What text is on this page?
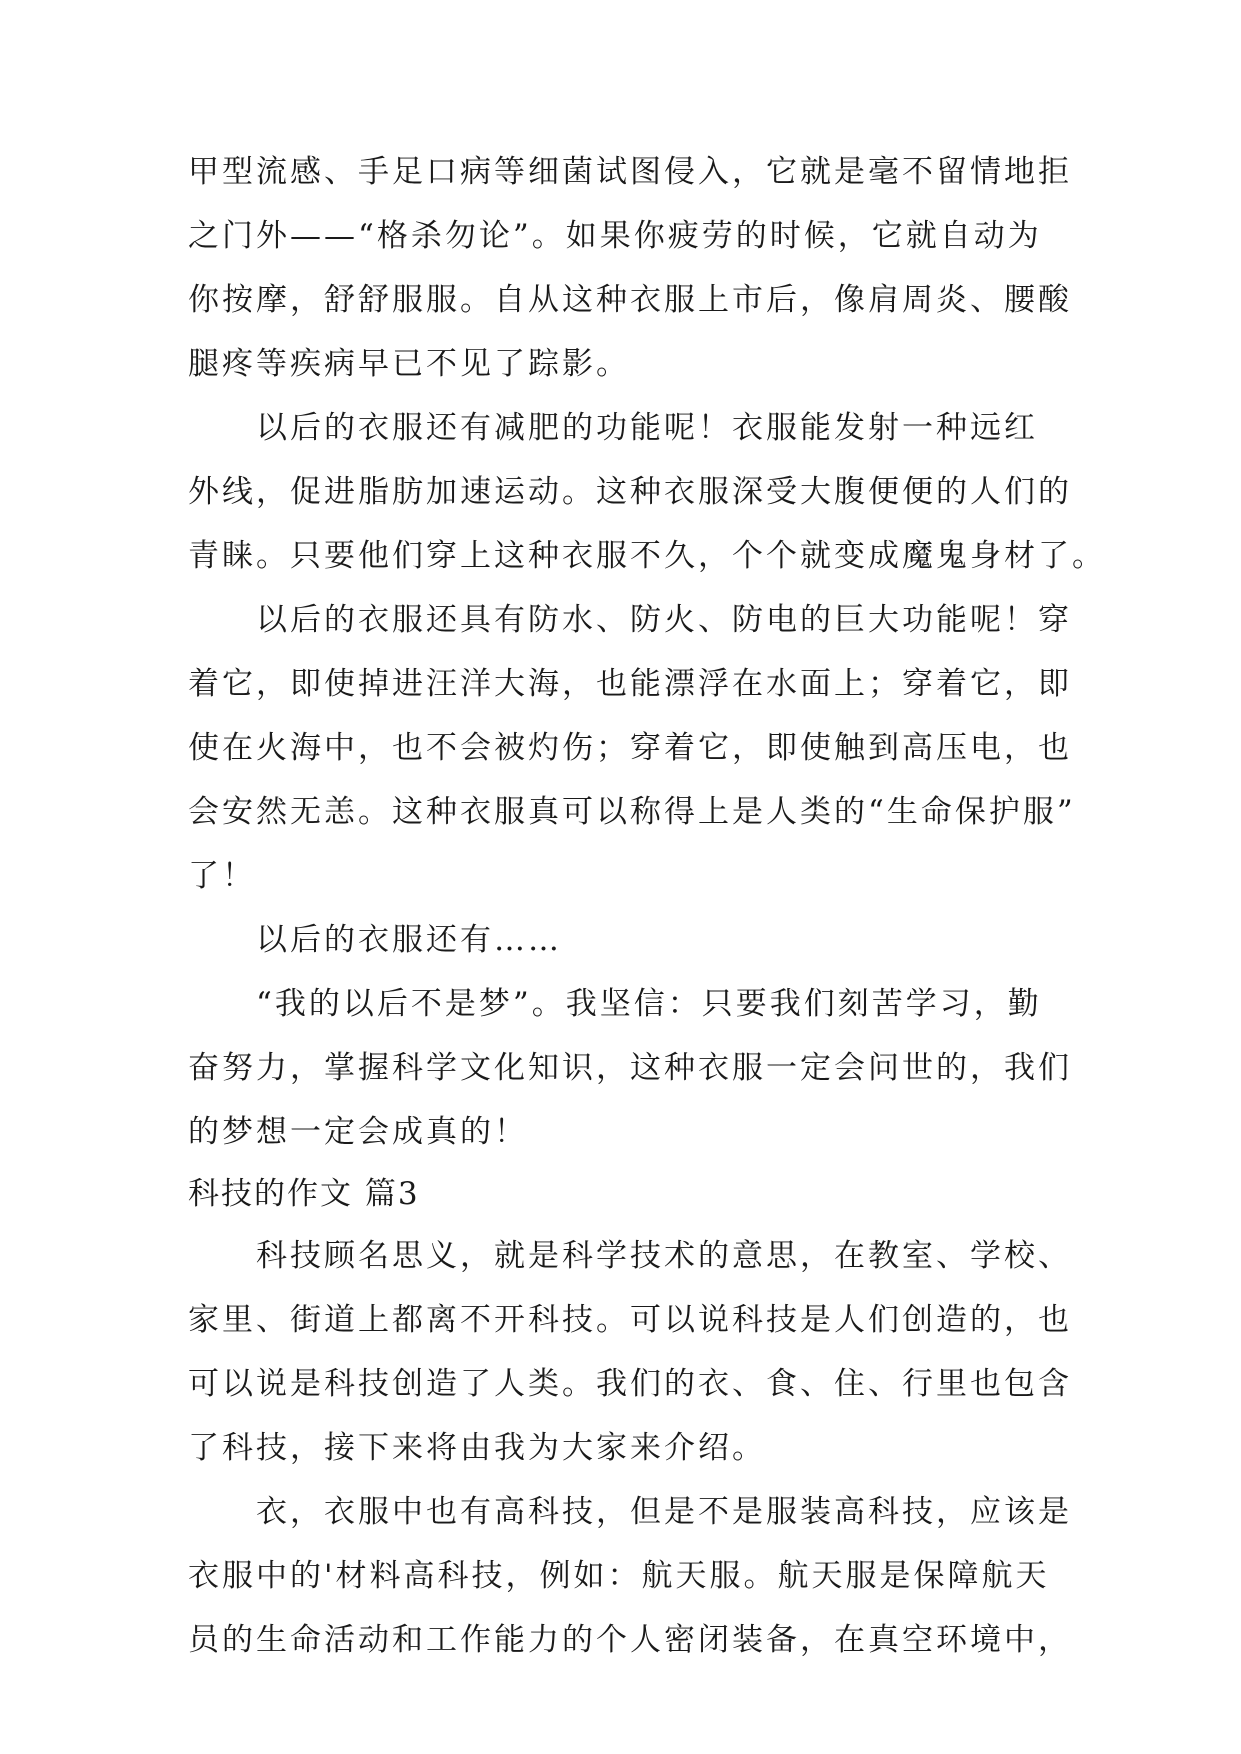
甲型流感、手足口病等细菌试图侵入，它就是毫不留情地拒
之门外——“格杀勿论”。如果你疲劳的时候，它就自动为
你按摩，舒舒服服。自从这种衣服上市后，像肩周炎、腰酸
腿疼等疾病早已不见了踪影。
以后的衣服还有减肥的功能呢！衣服能发射一种远红
外线，促进脂肪加速运动。这种衣服深受大腹便便的人们的
青睐。只要他们穿上这种衣服不久，个个就变成魔鬼身材了。
以后的衣服还具有防水、防火、防电的巨大功能呢！穿
着它，即使掉进汪洋大海，也能漂浮在水面上；穿着它，即
使在火海中，也不会被灼伤；穿着它，即使触到高压电，也
会安然无恙。这种衣服真可以称得上是人类的“生命保护服”
了！
以后的衣服还有……
“我的以后不是梦”。我坚信：只要我们刻苦学习，勤
奋努力，掌握科学文化知识，这种衣服一定会问世的，我们
的梦想一定会成真的！
科技的作文 篇3
科技顾名思义，就是科学技术的意思，在教室、学校、
家里、街道上都离不开科技。可以说科技是人们创造的，也
可以说是科技创造了人类。我们的衣、食、住、行里也包含
了科技，接下来将由我为大家来介绍。
衣，衣服中也有高科技，但是不是服装高科技，应该是
衣服中的'材料高科技，例如：航天服。航天服是保障航天
员的生命活动和工作能力的个人密闭装备，在真空环境中，
